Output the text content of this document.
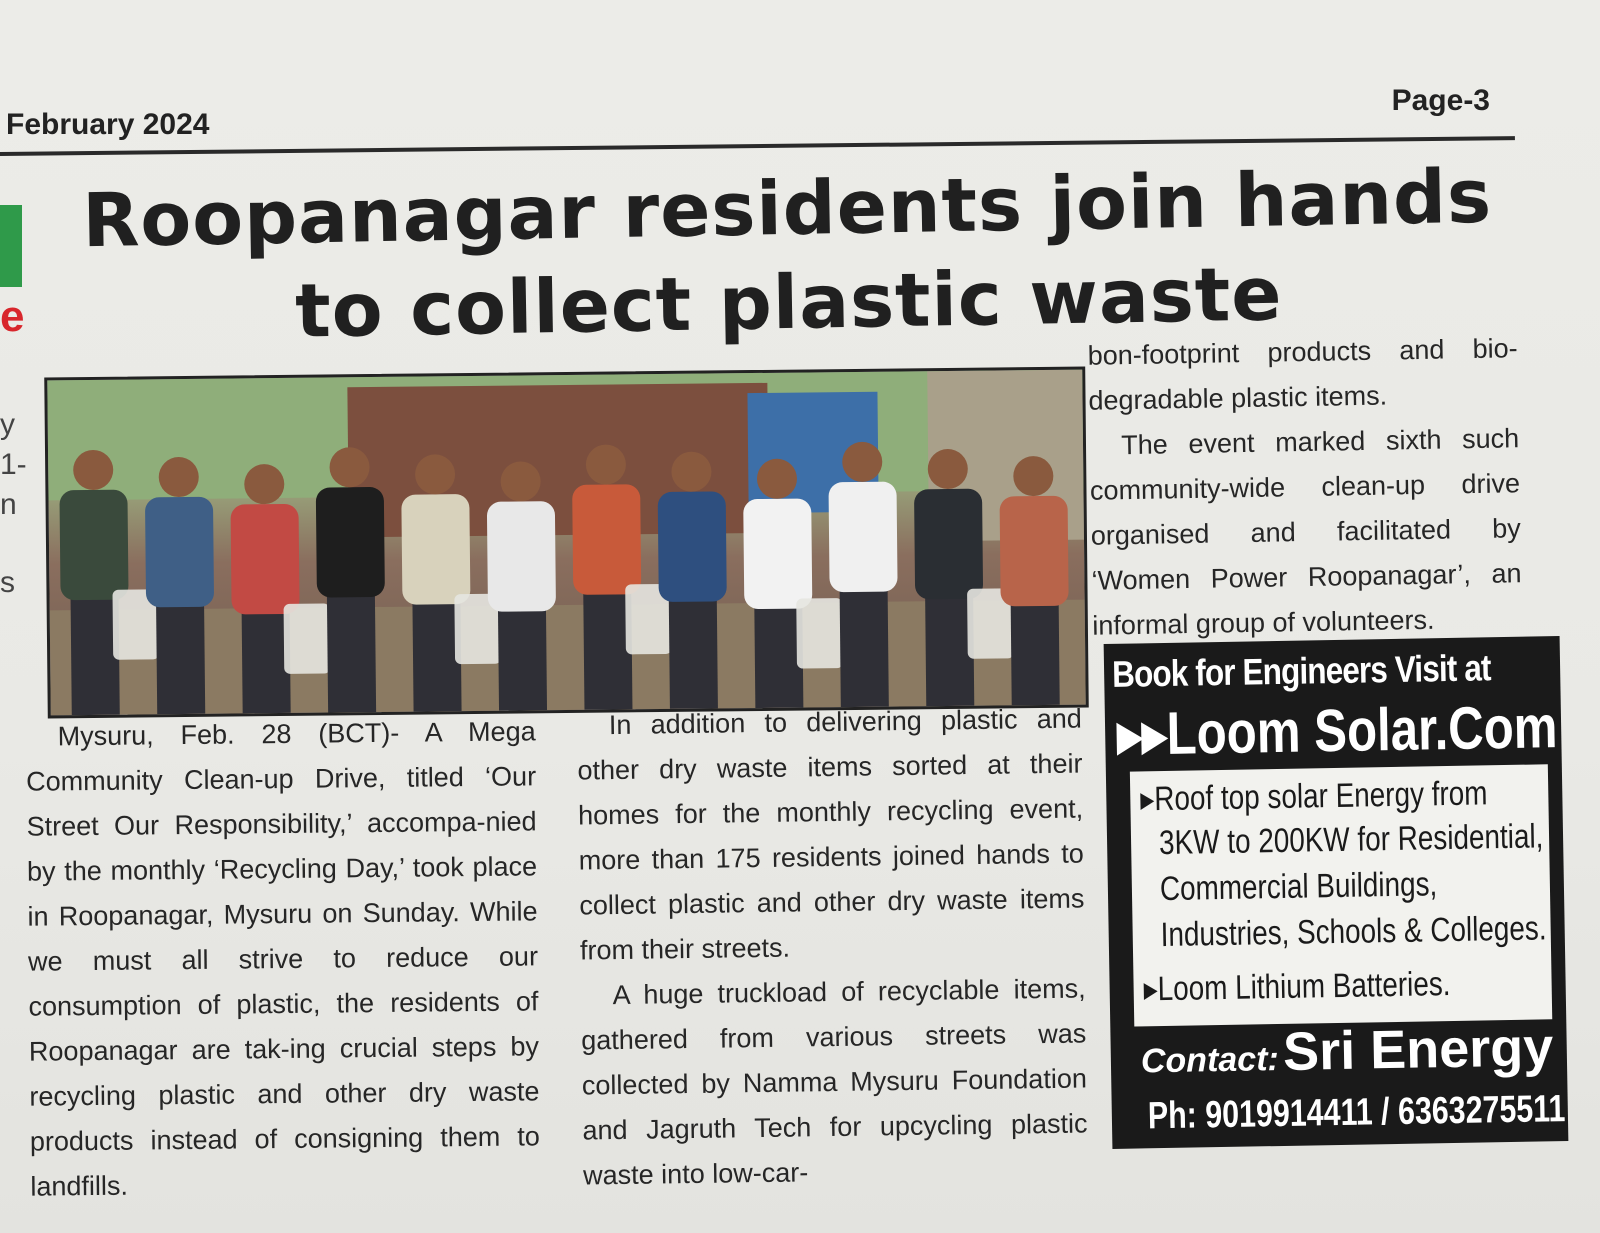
February 2024
Page-3
e
y
1-
n
s
Roopanagar residents join hands
to collect plastic waste

Mysuru, Feb. 28 (BCT)- A Mega Community Clean-up Drive, titled ‘Our Street Our Responsibility,’ accompa-nied by the monthly ‘Recycling Day,’ took place in Roopanagar, Mysuru on Sunday. While we must all strive to reduce our consumption of plastic, the residents of Roopanagar are tak-ing crucial steps by recycling plastic and other dry waste products instead of consigning them to landfills.

In addition to delivering plastic and other dry waste items sorted at their homes for the monthly recycling event, more than 175 residents joined hands to collect plastic and other dry waste items from their streets.

A huge truckload of recyclable items, gathered from various streets was collected by Namma Mysuru Foundation and Jagruth Tech for upcycling plastic waste into low-car-

bon-footprint products and bio-degradable plastic items.

The event marked sixth such community-wide clean-up drive organised and facilitated by ‘Women Power Roopanagar’, an informal group of volunteers.

Book for Engineers Visit at
▸▸Loom Solar.Com
▸Roof top solar Energy from
3KW to 200KW for Residential,
Commercial Buildings,
Industries, Schools & Colleges.
▸Loom Lithium Batteries.
Contact: Sri Energy
Ph: 9019914411 / 6363275511
